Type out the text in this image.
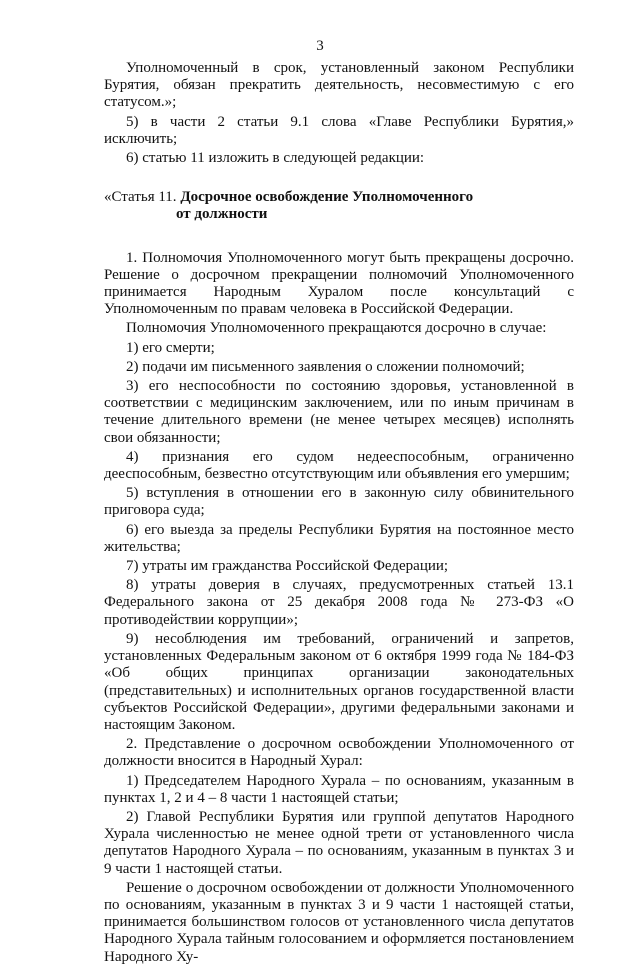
3

Уполномоченный в срок, установленный законом Республики Бурятия, обязан прекратить деятельность, несовместимую с его статусом.»;

5) в части 2 статьи 9.1 слова «Главе Республики Бурятия,» исключить;

6) статью 11 изложить в следующей редакции:

«Статья 11. Досрочное освобождение Уполномоченного
от должности

1. Полномочия Уполномоченного могут быть прекращены досрочно. Решение о досрочном прекращении полномочий Уполномоченного принимается Народным Хуралом после консультаций с Уполномоченным по правам человека в Российской Федерации.

Полномочия Уполномоченного прекращаются досрочно в случае:

1) его смерти;

2) подачи им письменного заявления о сложении полномочий;

3) его неспособности по состоянию здоровья, установленной в соответствии с медицинским заключением, или по иным причинам в течение длительного времени (не менее четырех месяцев) исполнять свои обязанности;

4) признания его судом недееспособным, ограниченно дееспособным, безвестно отсутствующим или объявления его умершим;

5) вступления в отношении его в законную силу обвинительного приговора суда;

6) его выезда за пределы Республики Бурятия на постоянное место жительства;

7) утраты им гражданства Российской Федерации;

8) утраты доверия в случаях, предусмотренных статьей 13.1 Федерального закона от 25 декабря 2008 года № 273-ФЗ «О противодействии коррупции»;

9) несоблюдения им требований, ограничений и запретов, установленных Федеральным законом от 6 октября 1999 года № 184-ФЗ «Об общих принципах организации законодательных (представительных) и исполнительных органов государственной власти субъектов Российской Федерации», другими федеральными законами и настоящим Законом.

2. Представление о досрочном освобождении Уполномоченного от должности вносится в Народный Хурал:

1) Председателем Народного Хурала – по основаниям, указанным в пунктах 1, 2 и 4 – 8 части 1 настоящей статьи;

2) Главой Республики Бурятия или группой депутатов Народного Хурала численностью не менее одной трети от установленного числа депутатов Народного Хурала – по основаниям, указанным в пунктах 3 и 9 части 1 настоящей статьи.

Решение о досрочном освобождении от должности Уполномоченного по основаниям, указанным в пунктах 3 и 9 части 1 настоящей статьи, принимается большинством голосов от установленного числа депутатов Народного Хурала тайным голосованием и оформляется постановлением Народного Ху-
